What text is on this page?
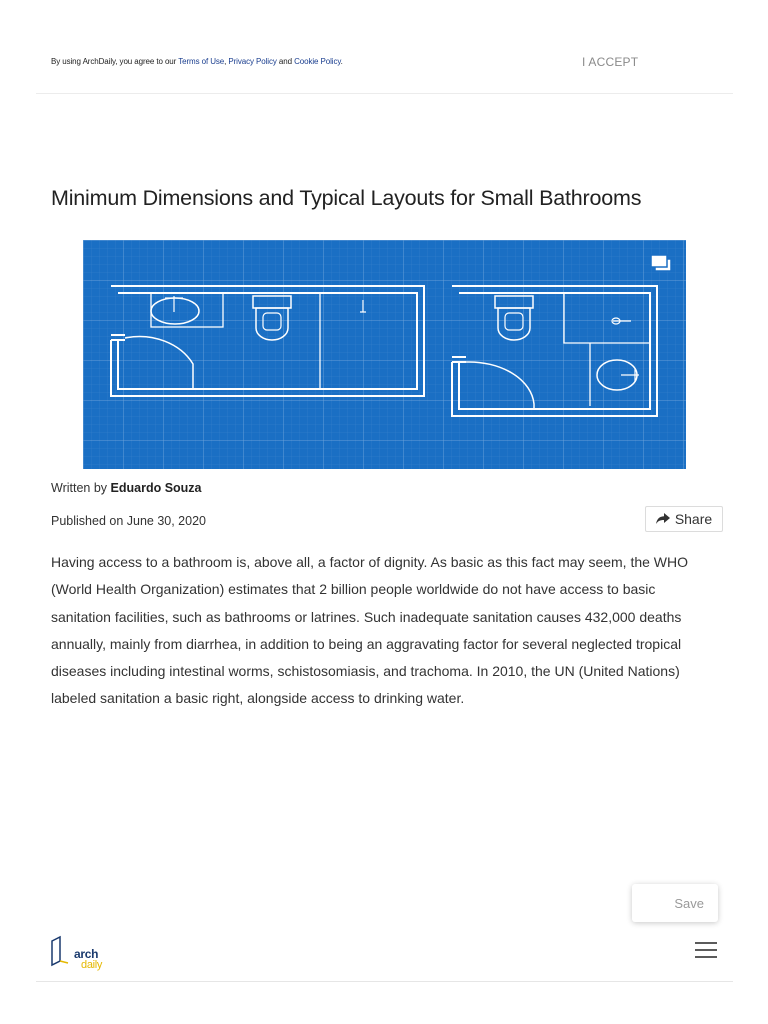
By using ArchDaily, you agree to our Terms of Use, Privacy Policy and Cookie Policy.	I ACCEPT
Minimum Dimensions and Typical Layouts for Small Bathrooms
Written by Eduardo Souza
Published on June 30, 2020	Share

Having access to a bathroom is, above all, a factor of dignity. As basic as this fact may seem, the WHO (World Health Organization) estimates that 2 billion people worldwide do not have access to basic sanitation facilities, such as bathrooms or latrines. Such inadequate sanitation causes 432,000 deaths annually, mainly from diarrhea, in addition to being an aggravating factor for several neglected tropical diseases including intestinal worms, schistosomiasis, and trachoma. In 2010, the UN (United Nations) labeled sanitation a basic right, alongside access to drinking water.

Save
arch
daily
